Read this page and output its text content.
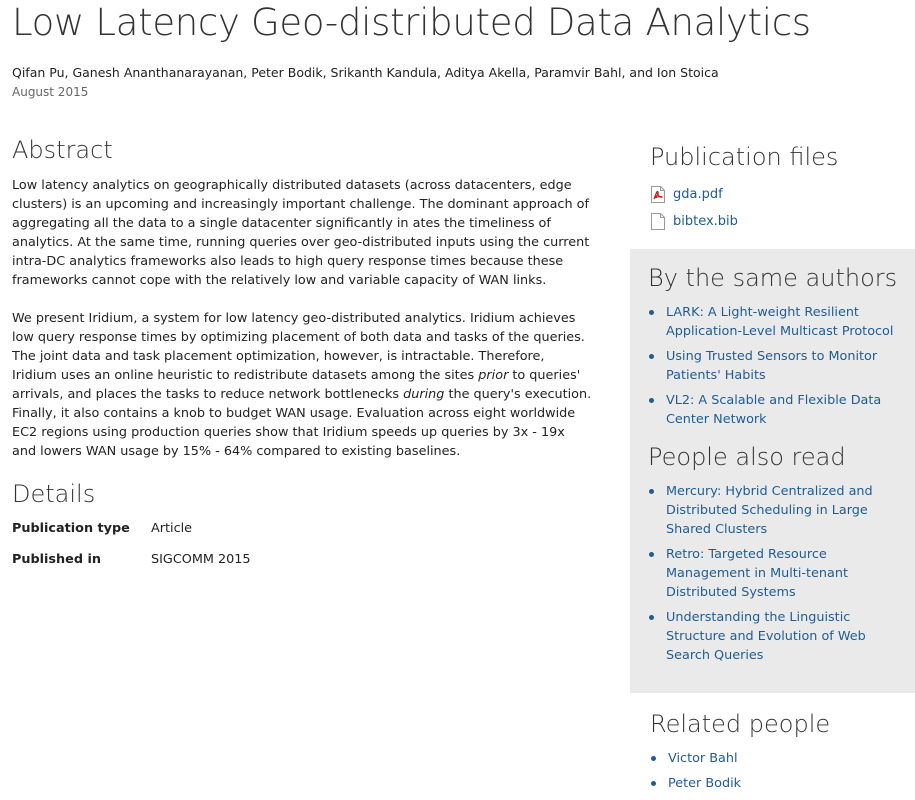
Low Latency Geo-distributed Data Analytics
Qifan Pu, Ganesh Ananthanarayanan, Peter Bodik, Srikanth Kandula, Aditya Akella, Paramvir Bahl, and Ion Stoica
August 2015
Abstract

Low latency analytics on geographically distributed datasets (across datacenters, edge clusters) is an upcoming and increasingly important challenge. The dominant approach of aggregating all the data to a single datacenter significantly in ates the timeliness of analytics. At the same time, running queries over geo-distributed inputs using the current intra-DC analytics frameworks also leads to high query response times because these frameworks cannot cope with the relatively low and variable capacity of WAN links.

We present Iridium, a system for low latency geo-distributed analytics. Iridium achieves low query response times by optimizing placement of both data and tasks of the queries. The joint data and task placement optimization, however, is intractable. Therefore, Iridium uses an online heuristic to redistribute datasets among the sites prior to queries' arrivals, and places the tasks to reduce network bottlenecks during the query's execution. Finally, it also contains a knob to budget WAN usage. Evaluation across eight worldwide EC2 regions using production queries show that Iridium speeds up queries by 3x - 19x and lowers WAN usage by 15% - 64% compared to existing baselines.

Details
Publication type	Article
Published in	SIGCOMM 2015
Publication files
gda.pdf
bibtex.bib
By the same authors
LARK: A Light-weight Resilient Application-Level Multicast Protocol
Using Trusted Sensors to Monitor Patients' Habits
VL2: A Scalable and Flexible Data Center Network
People also read
Mercury: Hybrid Centralized and Distributed Scheduling in Large Shared Clusters
Retro: Targeted Resource Management in Multi-tenant Distributed Systems
Understanding the Linguistic Structure and Evolution of Web Search Queries
Related people
Victor Bahl
Peter Bodik
